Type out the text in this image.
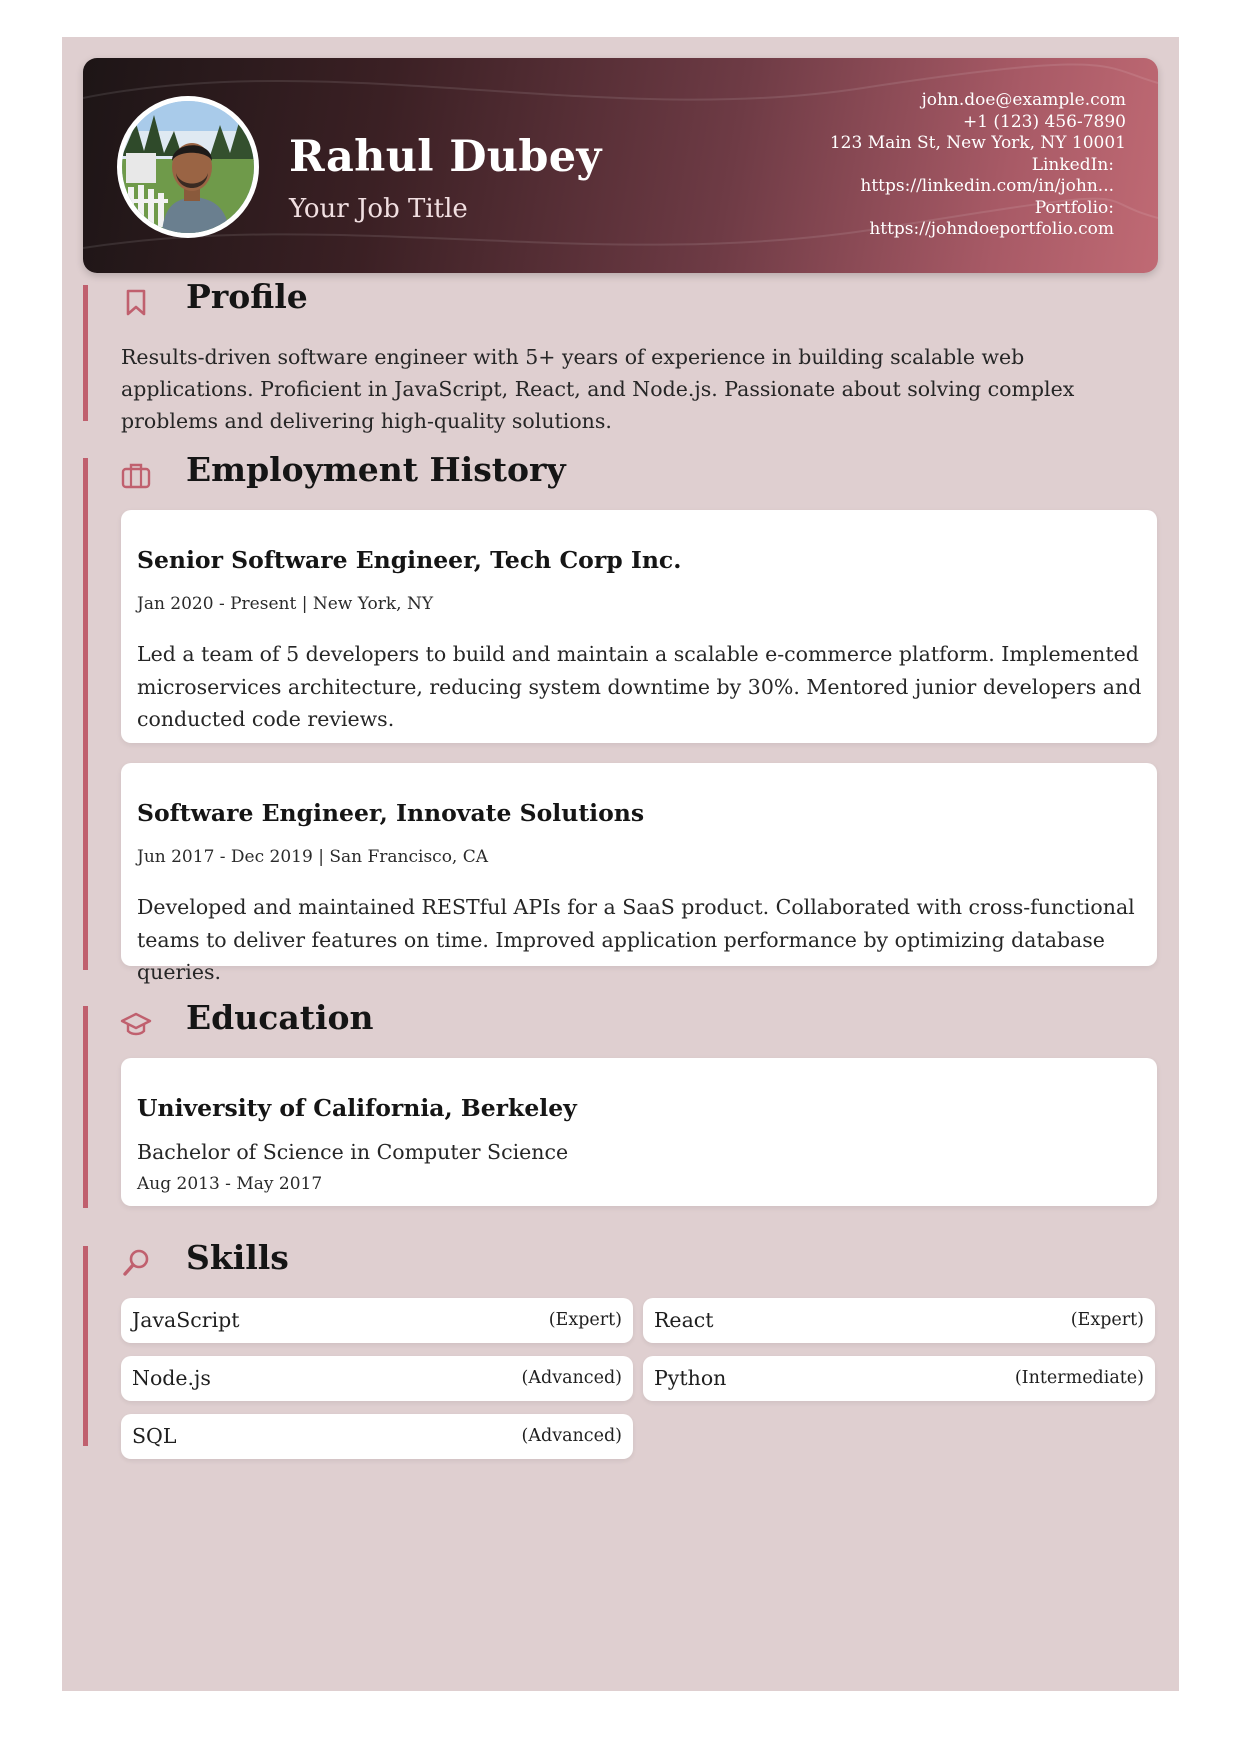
Rahul Dubey
Your Job Title
john.doe@example.com
+1 (123) 456-7890
123 Main St, New York, NY 10001
LinkedIn:
https://linkedin.com/in/john...
Portfolio:
https://johndoeportfolio.com
Profile
Results-driven software engineer with 5+ years of experience in building scalable web applications. Proficient in JavaScript, React, and Node.js. Passionate about solving complex problems and delivering high-quality solutions.
Employment History
Senior Software Engineer, Tech Corp Inc.
Jan 2020 - Present | New York, NY
Led a team of 5 developers to build and maintain a scalable e-commerce platform. Implemented microservices architecture, reducing system downtime by 30%. Mentored junior developers and conducted code reviews.
Software Engineer, Innovate Solutions
Jun 2017 - Dec 2019 | San Francisco, CA
Developed and maintained RESTful APIs for a SaaS product. Collaborated with cross-functional teams to deliver features on time. Improved application performance by optimizing database queries.
Education
University of California, Berkeley
Bachelor of Science in Computer Science
Aug 2013 - May 2017
Skills
JavaScript	(Expert) React	(Expert)
Node.js	(Advanced) Python	(Intermediate)
SQL	(Advanced)
